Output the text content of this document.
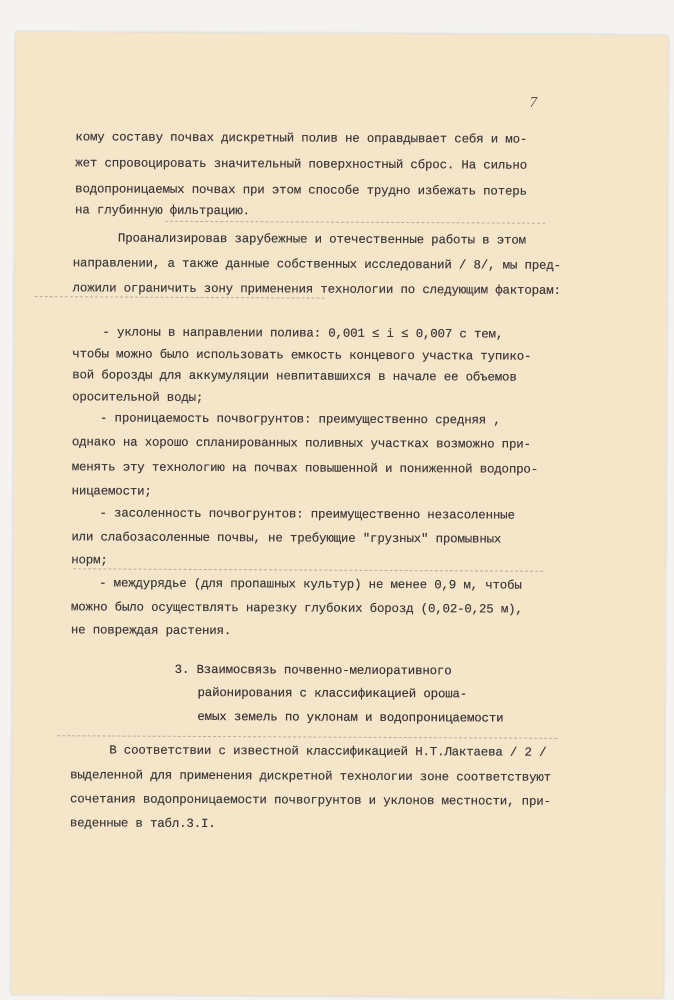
7
кому составу почвах дискретный полив не оправдывает себя и мо-
жет спровоцировать значительный поверхностный сброс. На сильно
водопроницаемых почвах при этом способе трудно избежать потерь
на глубинную фильтрацию.
Проанализировав зарубежные и отечественные работы в этом
направлении, а также данные собственных исследований / 8/, мы пред-
ложили ограничить зону применения технологии по следующим факторам:
- уклоны в направлении полива: 0,001 ≤ i ≤ 0,007 с тем,
чтобы можно было использовать емкость концевого участка тупико-
вой борозды для аккумуляции невпитавшихся в начале ее объемов
оросительной воды;
- проницаемость почвогрунтов: преимущественно средняя ,
однако на хорошо спланированных поливных участках возможно при-
менять эту технологию на почвах повышенной и пониженной водопро-
ницаемости;
- засоленность почвогрунтов: преимущественно незасоленные
или слабозасоленные почвы, не требующие "грузных" промывных
норм;
- междурядье (для пропашных культур) не менее 0,9 м, чтобы
можно было осуществлять нарезку глубоких борозд (0,02-0,25 м),
не повреждая растения.
3. Взаимосвязь почвенно-мелиоративного
районирования с классификацией ороша-
емых земель по уклонам и водопроницаемости
В соответствии с известной классификацией Н.Т.Лактаева / 2 /
выделенной для применения дискретной технологии зоне соответствуют
сочетания водопроницаемости почвогрунтов и уклонов местности, при-
веденные в табл.3.I.
